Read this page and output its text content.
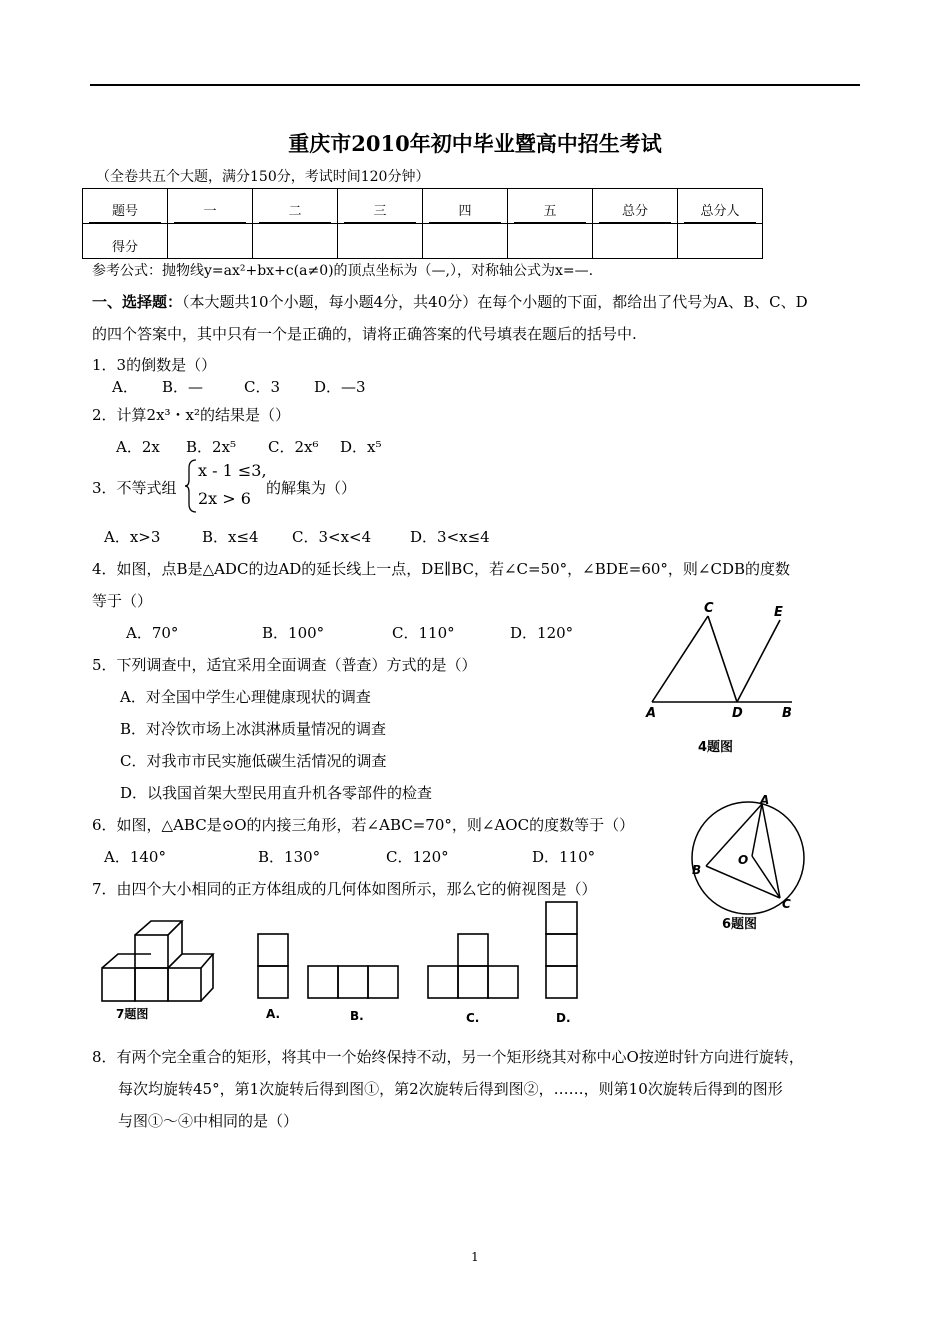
重庆市2010年初中毕业暨高中招生考试
（全卷共五个大题，满分150分，考试时间120分钟）
题号	一	二	三	四	五	总分	总分人
得分							
参考公式：抛物线y=ax²+bx+c(a≠0)的顶点坐标为（—,），对称轴公式为x=—.
一、选择题：（本大题共10个小题，每小题4分，共40分）在每个小题的下面，都给出了代号为A、B、C、D
的四个答案中，其中只有一个是正确的，请将正确答案的代号填表在题后的括号中.
1．3的倒数是（）
A． B．—	C．3 D．—3
2．计算2x³・x²的结果是（）
A．2x B．2x⁵ C．2x⁶ D．x⁵
3．不等式组
x - 1 ≤3,
2x > 6
的解集为（）
A．x>3	B．x≤4 C．3<x<4	D．3<x≤4
4．如图，点B是△ADC的边AD的延长线上一点，DE∥BC，若∠C=50°，∠BDE=60°，则∠CDB的度数
等于（）
A．70°	B．100°	C．110°	D．120°
C	E
A	D	B
4题图
5．下列调查中，适宜采用全面调查（普查）方式的是（）
A．对全国中学生心理健康现状的调查
B．对冷饮市场上冰淇淋质量情况的调查
C．对我市市民实施低碳生活情况的调查
D．以我国首架大型民用直升机各零部件的检查
6．如图，△ABC是⊙O的内接三角形，若∠ABC=70°，则∠AOC的度数等于（）
A．140°	B．130°	C．120°	D．110°
A
O
B
C
6题图
7．由四个大小相同的正方体组成的几何体如图所示，那么它的俯视图是（）
7题图	A.	B.	C.	D.
8．有两个完全重合的矩形，将其中一个始终保持不动，另一个矩形绕其对称中心O按逆时针方向进行旋转，
每次均旋转45°，第1次旋转后得到图①，第2次旋转后得到图②，……，则第10次旋转后得到的图形
与图①～④中相同的是（）
1
